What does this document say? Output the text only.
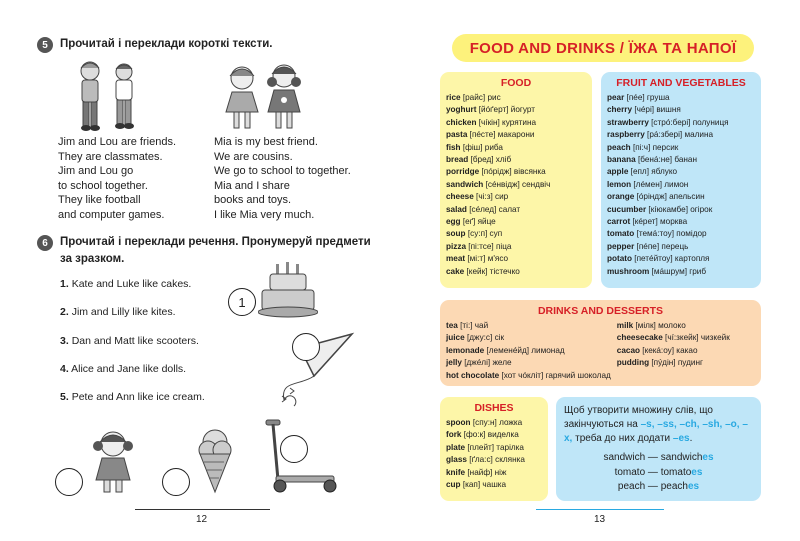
5	Прочитай і переклади короткі тексти.
Jim and Lou are friends.
They are classmates.
Jim and Lou go
to school together.
They like football
and computer games.
Mia is my best friend.
We are cousins.
We go to school to together.
Mia and I share
books and toys.
I like Mia very much.
6	Прочитай і переклади речення. Пронумеруй предмети
за зразком.
1. Kate and Luke like cakes.
2. Jim and Lilly like kites.
3. Dan and Matt like scooters.
4. Alice and Jane like dolls.
5. Pete and Ann like ice cream.
1
12
FOOD AND DRINKS / ЇЖА ТА НАПОЇ
FOOD
rice [райс] рис
yoghurt [йóґерт] йогурт
chicken [чíкін] курятина
pasta [пéсте] макарони
fish [фіш] риба
bread [бред] хліб
porridge [пóрідж] вівсянка
sandwich [сéнвідж] сендвіч
cheese [чі:з] сир
salad [сéлед] салат
egg [еґ] яйце
soup [су:п] суп
pizza [пі:тсе] піца
meat [мі:т] м'ясо
cake [кейк] тістечко
FRUIT AND VEGETABLES
pear [пéе] груша
cherry [чéрі] вишня
strawberry [стрó:бері] полуниця
raspberry [рá:збері] малина
peach [пі:ч] персик
banana [бенá:не] банан
apple [епл] яблуко
lemon [лéмен] лимон
orange [óріндж] апельсин
cucumber [кíюкамбе] огірок
carrot [кéрет] морква
tomato [темá:тоу] помідор
pepper [пéпе] перець
potato [петéйтоу] картопля
mushroom [мáшрум] гриб
DRINKS AND DESSERTS
tea [ті:] чай
juice [джу:с] сік
lemonade [леменéйд] лимонад
jelly [джéлі] желе
hot chocolate [хот чóкліт] гарячий шоколад
milk [мілк] молоко
cheesecake [чí:зкейк] чизкейк
cacao [кекá:оу] какао
pudding [пýдін] пудинг
DISHES
spoon [спу:н] ложка
fork [фо:к] виделка
plate [плейт] тарілка
glass [ґла:с] склянка
knife [найф] ніж
cup [кап] чашка
Щоб утворити множину слів, що закінчуються на –s, –ss, –ch, –sh, –o, –x, треба до них додати –es.
sandwich — sandwiches
tomato — tomatoes
peach — peaches
13
